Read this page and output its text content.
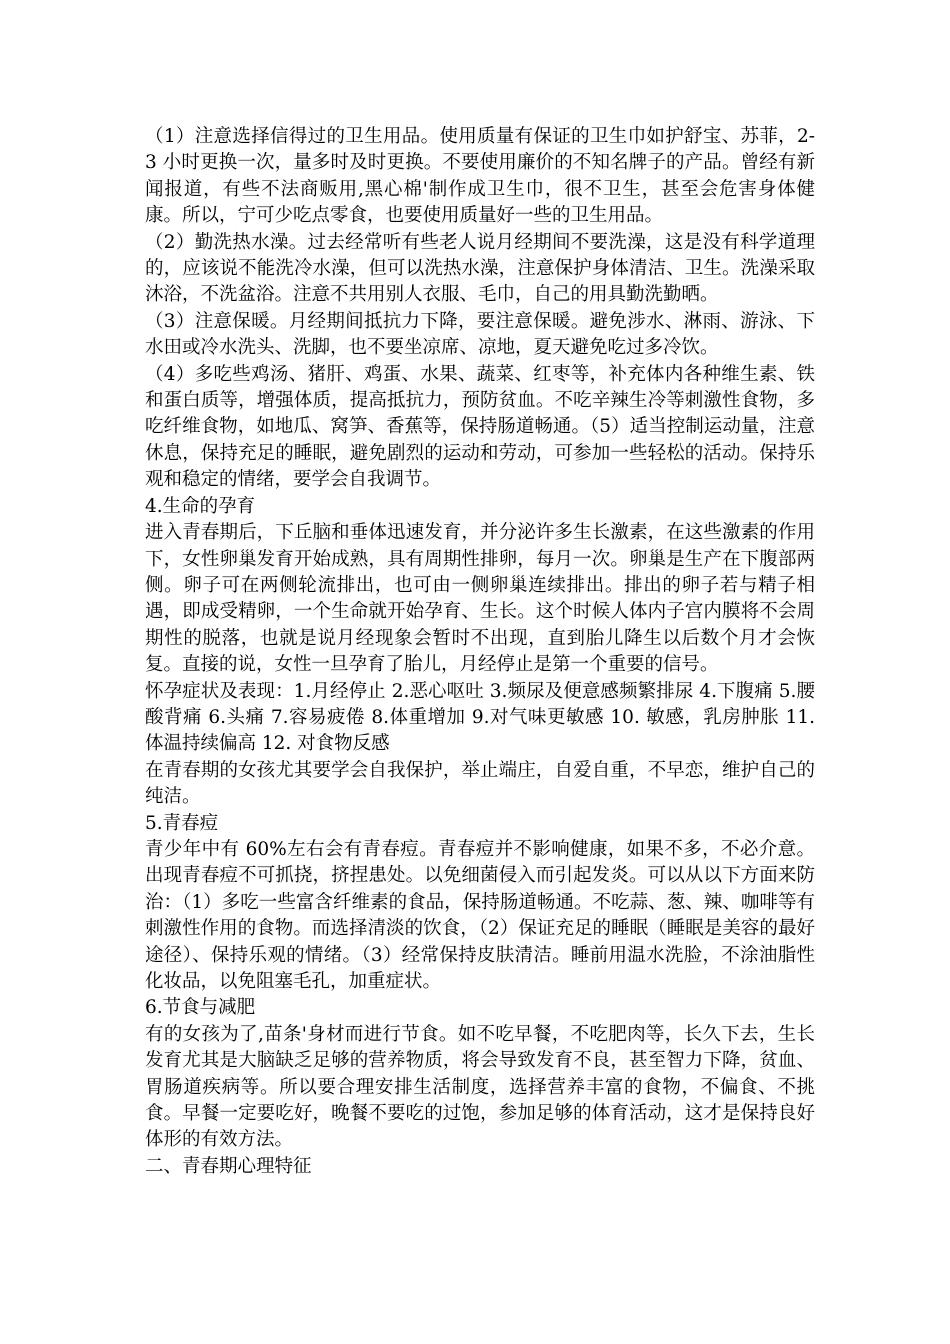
（1）注意选择信得过的卫生用品。使用质量有保证的卫生巾如护舒宝、苏菲，2-3 小时更换一次，量多时及时更换。不要使用廉价的不知名牌子的产品。曾经有新闻报道，有些不法商贩用‚黑心棉'制作成卫生巾，很不卫生，甚至会危害身体健康。所以，宁可少吃点零食，也要使用质量好一些的卫生用品。

（2）勤洗热水澡。过去经常听有些老人说月经期间不要洗澡，这是没有科学道理的，应该说不能洗冷水澡，但可以洗热水澡，注意保护身体清洁、卫生。洗澡采取沐浴，不洗盆浴。注意不共用别人衣服、毛巾，自己的用具勤洗勤晒。

（3）注意保暖。月经期间抵抗力下降，要注意保暖。避免涉水、淋雨、游泳、下水田或冷水洗头、洗脚，也不要坐凉席、凉地，夏天避免吃过多冷饮。

（4）多吃些鸡汤、猪肝、鸡蛋、水果、蔬菜、红枣等，补充体内各种维生素、铁和蛋白质等，增强体质，提高抵抗力，预防贫血。不吃辛辣生冷等刺激性食物，多吃纤维食物，如地瓜、窝笋、香蕉等，保持肠道畅通。（5）适当控制运动量，注意休息，保持充足的睡眠，避免剧烈的运动和劳动，可参加一些轻松的活动。保持乐观和稳定的情绪，要学会自我调节。

4.生命的孕育

进入青春期后，下丘脑和垂体迅速发育，并分泌许多生长激素，在这些激素的作用下，女性卵巢发育开始成熟，具有周期性排卵，每月一次。卵巢是生产在下腹部两侧。卵子可在两侧轮流排出，也可由一侧卵巢连续排出。排出的卵子若与精子相遇，即成受精卵，一个生命就开始孕育、生长。这个时候人体内子宫内膜将不会周期性的脱落，也就是说月经现象会暂时不出现，直到胎儿降生以后数个月才会恢复。直接的说，女性一旦孕育了胎儿，月经停止是第一个重要的信号。

怀孕症状及表现：1.月经停止 2.恶心呕吐 3.频尿及便意感频繁排尿 4.下腹痛 5.腰酸背痛 6.头痛 7.容易疲倦 8.体重增加 9.对气味更敏感 10. 敏感，乳房肿胀 11. 体温持续偏高 12. 对食物反感

在青春期的女孩尤其要学会自我保护，举止端庄，自爱自重，不早恋，维护自己的纯洁。

5.青春痘

青少年中有 60%左右会有青春痘。青春痘并不影响健康，如果不多，不必介意。出现青春痘不可抓挠，挤捏患处。以免细菌侵入而引起发炎。可以从以下方面来防治：（1）多吃一些富含纤维素的食品，保持肠道畅通。不吃蒜、葱、辣、咖啡等有刺激性作用的食物。而选择清淡的饮食，（2）保证充足的睡眠（睡眠是美容的最好途径）、保持乐观的情绪。（3）经常保持皮肤清洁。睡前用温水洗脸，不涂油脂性化妆品，以免阻塞毛孔，加重症状。

6.节食与减肥

有的女孩为了‚苗条'身材而进行节食。如不吃早餐，不吃肥肉等，长久下去，生长发育尤其是大脑缺乏足够的营养物质，将会导致发育不良，甚至智力下降，贫血、胃肠道疾病等。所以要合理安排生活制度，选择营养丰富的食物，不偏食、不挑食。早餐一定要吃好，晚餐不要吃的过饱，参加足够的体育活动，这才是保持良好体形的有效方法。

二、青春期心理特征
